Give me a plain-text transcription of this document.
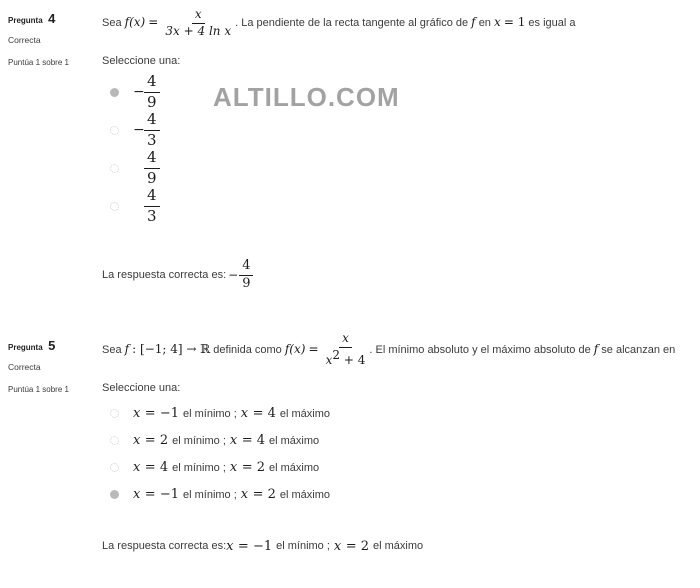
ALTILLO.COM
Pregunta 4
Correcta
Puntúa 1 sobre 1
Sea $f(x) = \frac{x}{\text{3x + 4 ln x}}$ . La pendiente de la recta tangente al gráfico de f en x = 1 es igual a
Seleccione una:
− $\frac{4}{9}$
− $\frac{4}{3}$
$\frac{4}{9}$
$\frac{4}{3}$
La respuesta correcta es: − $\frac{4}{9}$
Pregunta 5
Correcta
Puntúa 1 sobre 1
Sea f : [−1; 4] → ℝ definida como $f(x) = \frac{x}{x^2 + 4}$ . El mínimo absoluto y el máximo absoluto de f se alcanzan en
Seleccione una:
x
= −1 el mínimo ; x
= 4 el máximo
x
= 2 el mínimo ; x
= 4 el máximo
x
= 4 el mínimo ; x
= 2 el máximo
x
= −1 el mínimo ; x
= 2 el máximo
La respuesta correcta es: x
= −1 el mínimo ; x
= 2 el máximo
